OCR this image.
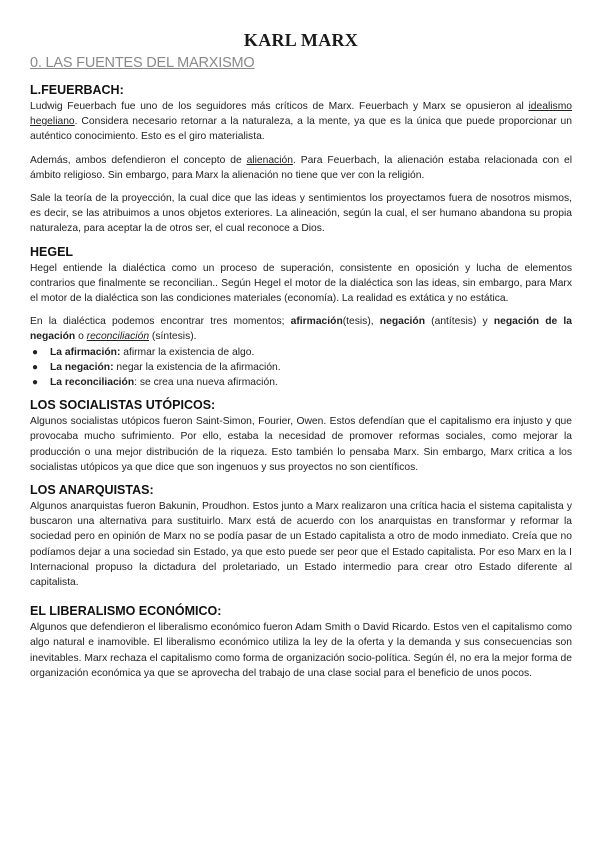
KARL MARX
0. LAS FUENTES DEL MARXISMO
L.FEUERBACH:

Ludwig Feuerbach fue uno de los seguidores más críticos de Marx. Feuerbach y Marx se opusieron al idealismo hegeliano. Considera necesario retornar a la naturaleza, a la mente, ya que es la única que puede proporcionar un auténtico conocimiento. Esto es el giro materialista.

Además, ambos defendieron el concepto de alienación. Para Feuerbach, la alienación estaba relacionada con el ámbito religioso. Sin embargo, para Marx la alienación no tiene que ver con la religión.

Sale la teoría de la proyección, la cual dice que las ideas y sentimientos los proyectamos fuera de nosotros mismos, es decir, se las atribuimos a unos objetos exteriores. La alineación, según la cual, el ser humano abandona su propia naturaleza, para aceptar la de otros ser, el cual reconoce a Dios.

HEGEL

Hegel entiende la dialéctica como un proceso de superación, consistente en oposición y lucha de elementos contrarios que finalmente se reconcilian.. Según Hegel el motor de la dialéctica son las ideas, sin embargo, para Marx el motor de la dialéctica son las condiciones materiales (economía). La realidad es extática y no estática.

En la dialéctica podemos encontrar tres momentos; afirmación(tesis), negación (antítesis) y negación de la negación o reconciliación (síntesis).

● La afirmación: afirmar la existencia de algo.
● La negación: negar la existencia de la afirmación.
● La reconciliación: se crea una nueva afirmación.
LOS SOCIALISTAS UTÓPICOS:

Algunos socialistas utópicos fueron Saint-Simon, Fourier, Owen. Estos defendían que el capitalismo era injusto y que provocaba mucho sufrimiento. Por ello, estaba la necesidad de promover reformas sociales, como mejorar la producción o una mejor distribución de la riqueza. Esto también lo pensaba Marx. Sin embargo, Marx critica a los socialistas utópicos ya que dice que son ingenuos y sus proyectos no son científicos.

LOS ANARQUISTAS:

Algunos anarquistas fueron Bakunin, Proudhon. Estos junto a Marx realizaron una crítica hacia el sistema capitalista y buscaron una alternativa para sustituirlo. Marx está de acuerdo con los anarquistas en transformar y reformar la sociedad pero en opinión de Marx no se podía pasar de un Estado capitalista a otro de modo inmediato. Creía que no podíamos dejar a una sociedad sin Estado, ya que esto puede ser peor que el Estado capitalista. Por eso Marx en la I Internacional propuso la dictadura del proletariado, un Estado intermedio para crear otro Estado diferente al capitalista.

EL LIBERALISMO ECONÓMICO:

Algunos que defendieron el liberalismo económico fueron Adam Smith o David Ricardo. Estos ven el capitalismo como algo natural e inamovible. El liberalismo económico utiliza la ley de la oferta y la demanda y sus consecuencias son inevitables. Marx rechaza el capitalismo como forma de organización socio-política. Según él, no era la mejor forma de organización económica ya que se aprovecha del trabajo de una clase social para el beneficio de unos pocos.
